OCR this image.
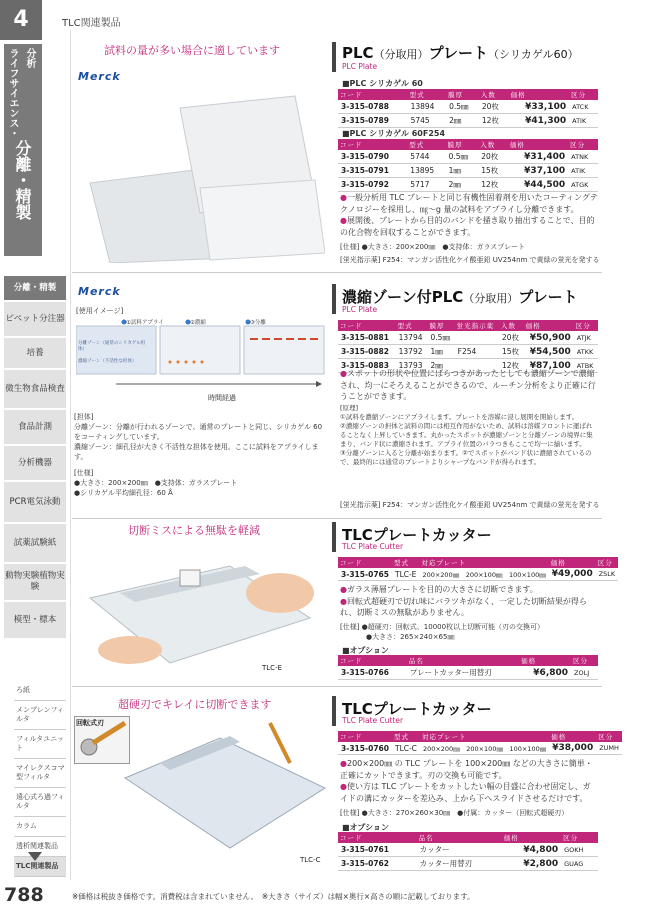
4	TLC関連製品
ライフサイエンス・ 分析
分離・精製
分離・精製
ピペット分注器
培養
微生物食品検査
食品計測
分析機器
PCR電気泳動
試薬試験紙
動物実験植物実験
模型・標本
ろ紙
メンブレンフィルタ
フィルタユニット
マイレクスコマ型フィルタ
遠心式ろ過フィルタ
カラム
透析関連製品
TLC関連製品
788	※価格は税抜き価格です。消費税は含まれていません。　※大きさ（サイズ）は幅×奥行×高さの順に記載しております。
試料の量が多い場合に適しています
Merck
PLC（分取用）プレート（シリカゲル60）
PLC Plate
■PLC シリカゲル 60
コード	型式	膜厚	入数	価格	区分
3-315-0788	13894	0.5㎜	20枚	¥33,100	ATCK
3-315-0789	5745	2㎜	12枚	¥41,300	ATIK
■PLC シリカゲル 60F254
コード	型式	膜厚	入数	価格	区分
3-315-0790	5744	0.5㎜	20枚	¥31,400	ATNK
3-315-0791	13895	1㎜	15枚	¥37,100	ATIK
3-315-0792	5717	2㎜	12枚	¥44,500	ATGK
●一般分析用 TLC プレートと同じ有機性固着剤を用いたコーティングテクノロジーを採用し、㎎～g 量の試料をアプライし分離できます。
●展開後、プレートから目的のバンドを掻き取り抽出することで、目的の化合物を回収することができます。
[仕様] ●大きさ：200×200㎜　●支持体：ガラスプレート
[蛍光指示薬] F254：マンガン活性化ケイ酸亜鉛 UV254nm で黄緑の蛍光を発する
Merck
[使用イメージ]
①試料アプライ	②濃縮	③分離
分離ゾーン（通常のシリカゲル担体）
濃縮ゾーン（不活性な担体）
時間経過
[担体]
分離ゾーン：分離が行われるゾーンで、通常のプレートと同じ、シリカゲル 60 をコーティングしています。
濃縮ゾーン：細孔径が大きく不活性な担体を使用。ここに試料をアプライします。
[仕様]
●大きさ：200×200㎜　●支持体：ガラスプレート
●シリカゲル平均細孔径：60 Å
濃縮ゾーン付PLC（分取用）プレート
PLC Plate
コード	型式	膜厚	蛍光指示薬	入数	価格	区分
3-315-0881	13794	0.5㎜		20枚	¥50,900	ATJK
3-315-0882	13792	1㎜	F254	15枚	¥54,500	ATKK
3-315-0883	13793	2㎜		12枚	¥87,100	ATBK
●スポットの形状や位置にばらつきがあったとしても濃縮ゾーンで濃縮され、均一にそろえることができるので、ルーチン分析をより正確に行うことができます。
[原理]
①試料を濃縮ゾーンにアプライします。プレートを溶媒に浸し展開を開始します。
②濃縮ゾーンの担体と試料の間には相互作用がないため、試料は溶媒フロントに運ばれることなく上昇していきます。丸かったスポットが濃縮ゾーンと分離ゾーンの境界に集まり、バンド状に濃縮されます。アプライ位置のバラつきもここで均一に揃います。
③分離ゾーンに入ると分離が始まります。②でスポットがバンド状に濃縮されているので、最終的には通常のプレートよりシャープなバンドが得られます。
[蛍光指示薬] F254：マンガン活性化ケイ酸亜鉛 UV254nm で黄緑の蛍光を発する
切断ミスによる無駄を軽減
TLC-E
TLCプレートカッター
TLC Plate Cutter
コード	型式	対応プレート	価格	区分
3-315-0765	TLC-E	200×200㎜　200×100㎜　100×100㎜	¥49,000	ZSLK
●ガラス薄層プレートを目的の大きさに切断できます。
●回転式超硬刃で切れ味にバラツキがなく、一定した切断結果が得られ、切断ミスの無駄がありません。
[仕様] ●超硬刃：回転式、10000枚以上切断可能（刃の交換可）
●大きさ：265×240×65㎜
■オプション
コード	品名	価格	区分
3-315-0766	プレートカッター用替刃	¥6,800	ZOLJ
超硬刃でキレイに切断できます
回転式刃
TLC-C
TLCプレートカッター
TLC Plate Cutter
コード	型式	対応プレート	価格	区分
3-315-0760	TLC-C	200×200㎜　200×100㎜　100×100㎜	¥38,000	ZUMH
●200×200㎜ の TLC プレートを 100×200㎜ などの大きさに簡単・正確にカットできます。刃の交換も可能です。
●使い方は TLC プレートをカットしたい幅の目盛に合わせ固定し、ガイドの溝にカッターを差込み、上から下へスライドさせるだけです。
[仕様] ●大きさ：270×260×30㎜　●付属：カッター（回転式超硬刃）
■オプション
コード	品名	価格	区分
3-315-0761	カッター	¥4,800	GOKH
3-315-0762	カッター用替刃	¥2,800	GUAG
